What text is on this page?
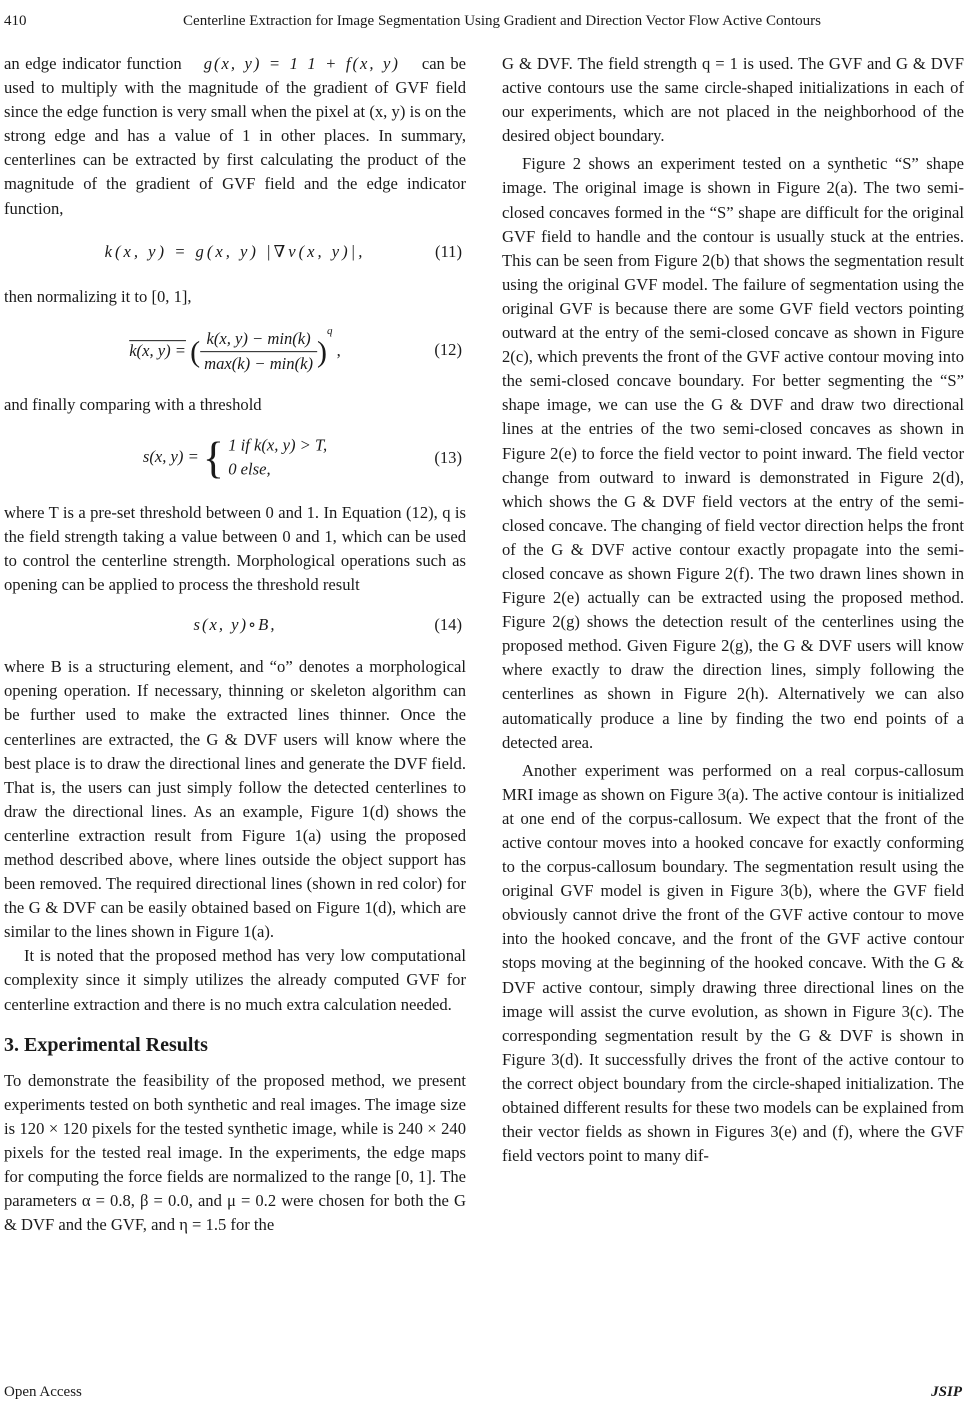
410	Centerline Extraction for Image Segmentation Using Gradient and Direction Vector Flow Active Contours

an edge indicator function g(x, y) = 1 1 + f(x, y) can be used to multiply with the magnitude of the gradient of GVF field since the edge function is very small when the pixel at (x, y) is on the strong edge and has a value of 1 in other places. In summary, centerlines can be extracted by first calculating the product of the magnitude of the gradient of GVF field and the edge indicator function,

k(x, y) = g(x, y) |∇v(x, y)|,	(11)

then normalizing it to [0, 1],

k(x, y) = ( $\frac{k(x, y) - \min(k)}{\max(k) - \min(k)} )^q$ ,	(12)

and finally comparing with a threshold

s(x, y) = { 1 if k(x, y) > T,
0 else,
(13)

where T is a pre-set threshold between 0 and 1. In Equation (12), q is the field strength taking a value between 0 and 1, which can be used to control the centerline strength. Morphological operations such as opening can be applied to process the threshold result

s(x, y)∘B,	(14)

where B is a structuring element, and “o” denotes a morphological opening operation. If necessary, thinning or skeleton algorithm can be further used to make the extracted lines thinner. Once the centerlines are extracted, the G & DVF users will know where the best place is to draw the directional lines and generate the DVF field. That is, the users can just simply follow the detected centerlines to draw the directional lines. As an example, Figure 1(d) shows the centerline extraction result from Figure 1(a) using the proposed method described above, where lines outside the object support has been removed. The required directional lines (shown in red color) for the G & DVF can be easily obtained based on Figure 1(d), which are similar to the lines shown in Figure 1(a).

It is noted that the proposed method has very low computational complexity since it simply utilizes the already computed GVF for centerline extraction and there is no much extra calculation needed.

3. Experimental Results

To demonstrate the feasibility of the proposed method, we present experiments tested on both synthetic and real images. The image size is 120 × 120 pixels for the tested synthetic image, while is 240 × 240 pixels for the tested real image. In the experiments, the edge maps for computing the force fields are normalized to the range [0, 1]. The parameters α = 0.8, β = 0.0, and μ = 0.2 were chosen for both the G & DVF and the GVF, and η = 1.5 for the

G & DVF. The field strength q = 1 is used. The GVF and G & DVF active contours use the same circle-shaped initializations in each of our experiments, which are not placed in the neighborhood of the desired object boundary.

Figure 2 shows an experiment tested on a synthetic “S” shape image. The original image is shown in Figure 2(a). The two semi-closed concaves formed in the “S” shape are difficult for the original GVF field to handle and the contour is usually stuck at the entries. This can be seen from Figure 2(b) that shows the segmentation result using the original GVF model. The failure of segmentation using the original GVF is because there are some GVF field vectors pointing outward at the entry of the semi-closed concave as shown in Figure 2(c), which prevents the front of the GVF active contour moving into the semi-closed concave boundary. For better segmenting the “S” shape image, we can use the G & DVF and draw two directional lines at the entries of the two semi-closed concaves as shown in Figure 2(e) to force the field vector to point inward. The field vector change from outward to inward is demonstrated in Figure 2(d), which shows the G & DVF field vectors at the entry of the semi-closed concave. The changing of field vector direction helps the front of the G & DVF active contour exactly propagate into the semi-closed concave as shown Figure 2(f). The two drawn lines shown in Figure 2(e) actually can be extracted using the proposed method. Figure 2(g) shows the detection result of the centerlines using the proposed method. Given Figure 2(g), the G & DVF users will know where exactly to draw the direction lines, simply following the centerlines as shown in Figure 2(h). Alternatively we can also automatically produce a line by finding the two end points of a detected area.

Another experiment was performed on a real corpus-callosum MRI image as shown on Figure 3(a). The active contour is initialized at one end of the corpus-callosum. We expect that the front of the active contour moves into a hooked concave for exactly conforming to the corpus-callosum boundary. The segmentation result using the original GVF model is given in Figure 3(b), where the GVF field obviously cannot drive the front of the GVF active contour to move into the hooked concave, and the front of the GVF active contour stops moving at the beginning of the hooked concave. With the G & DVF active contour, simply drawing three directional lines on the image will assist the curve evolution, as shown in Figure 3(c). The corresponding segmentation result by the G & DVF is shown in Figure 3(d). It successfully drives the front of the active contour to the correct object boundary from the circle-shaped initialization. The obtained different results for these two models can be explained from their vector fields as shown in Figures 3(e) and (f), where the GVF field vectors point to many dif-

Open Access	JSIP
